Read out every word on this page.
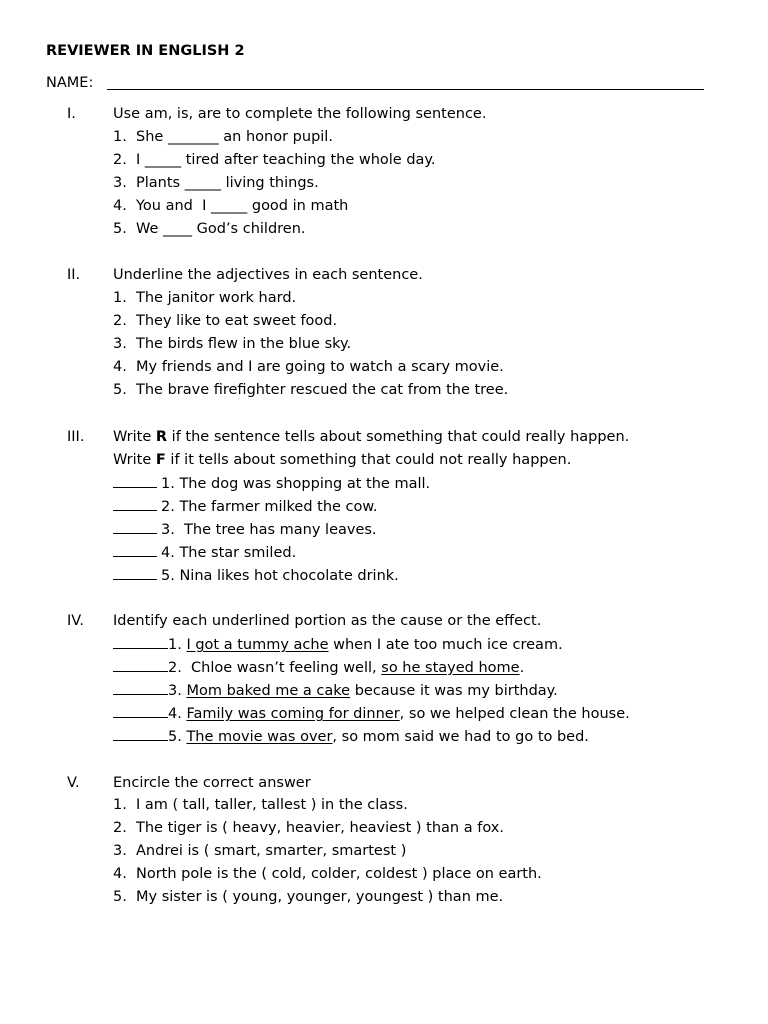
REVIEWER IN ENGLISH 2
NAME:
I.	Use am, is, are to complete the following sentence.
1. She _______ an honor pupil.
2. I _____ tired after teaching the whole day.
3. Plants _____ living things.
4. You and  I _____ good in math
5. We ____ God’s children.
II. Underline the adjectives in each sentence.
1. The janitor work hard.
2. They like to eat sweet food.
3. The birds flew in the blue sky.
4. My friends and I are going to watch a scary movie.
5. The brave firefighter rescued the cat from the tree.
III. Write R if the sentence tells about something that could really happen.
Write F if it tells about something that could not really happen.
1. The dog was shopping at the mall.
2. The farmer milked the cow.
3.  The tree has many leaves.
4. The star smiled.
5. Nina likes hot chocolate drink.
IV. Identify each underlined portion as the cause or the effect.
1. I got a tummy ache when I ate too much ice cream.
2.  Chloe wasn’t feeling well, so he stayed home.
3. Mom baked me a cake because it was my birthday.
4. Family was coming for dinner, so we helped clean the house.
5. The movie was over, so mom said we had to go to bed.
V. Encircle the correct answer
1. I am ( tall, taller, tallest ) in the class.
2. The tiger is ( heavy, heavier, heaviest ) than a fox.
3. Andrei is ( smart, smarter, smartest )
4. North pole is the ( cold, colder, coldest ) place on earth.
5. My sister is ( young, younger, youngest ) than me.
